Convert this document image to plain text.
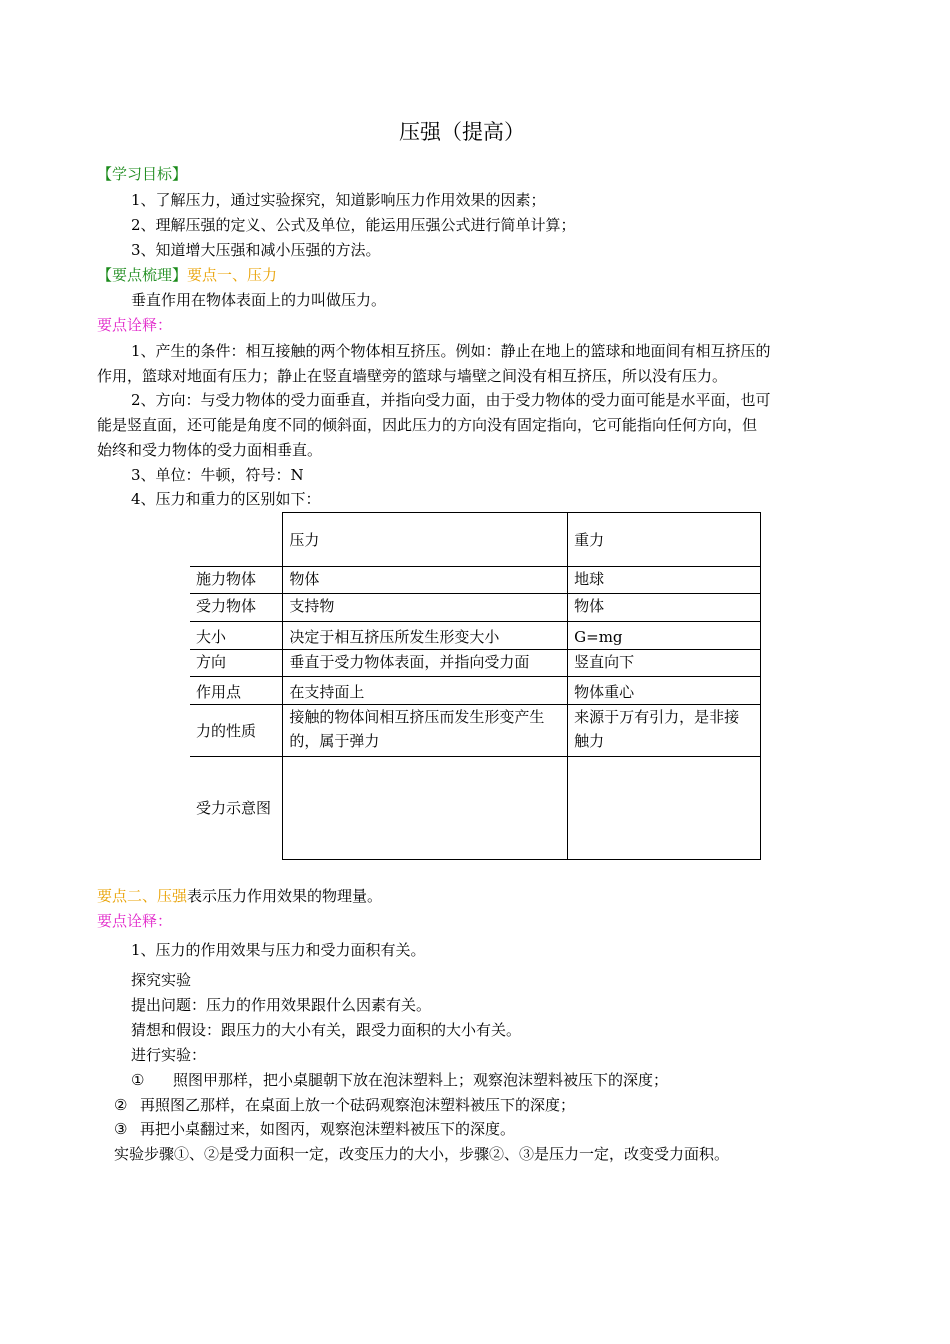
压强（提高）
【学习目标】
1、了解压力，通过实验探究，知道影响压力作用效果的因素；
2、理解压强的定义、公式及单位，能运用压强公式进行简单计算；
3、知道增大压强和减小压强的方法。
【要点梳理】要点一、压力
垂直作用在物体表面上的力叫做压力。
要点诠释：
1、产生的条件：相互接触的两个物体相互挤压。例如：静止在地上的篮球和地面间有相互挤压的
作用，篮球对地面有压力；静止在竖直墙壁旁的篮球与墙壁之间没有相互挤压，所以没有压力。
2、方向：与受力物体的受力面垂直，并指向受力面，由于受力物体的受力面可能是水平面，也可
能是竖直面，还可能是角度不同的倾斜面，因此压力的方向没有固定指向，它可能指向任何方向，但
始终和受力物体的受力面相垂直。
3、单位：牛顿，符号：N
4、压力和重力的区别如下：
	压力	重力
施力物体	物体	地球
受力物体	支持物	物体
大小	决定于相互挤压所发生形变大小	G=mg
方向	垂直于受力物体表面，并指向受力面	竖直向下
作用点	在支持面上	物体重心
力的性质	接触的物体间相互挤压而发生形变产生的，属于弹力	来源于万有引力，是非接触力
受力示意图		
要点二、压强表示压力作用效果的物理量。
要点诠释：
1、压力的作用效果与压力和受力面积有关。
探究实验
提出问题：压力的作用效果跟什么因素有关。
猜想和假设：跟压力的大小有关，跟受力面积的大小有关。
进行实验：
① 照图甲那样，把小桌腿朝下放在泡沫塑料上；观察泡沫塑料被压下的深度；
② 再照图乙那样，在桌面上放一个砝码观察泡沫塑料被压下的深度；
③ 再把小桌翻过来，如图丙，观察泡沫塑料被压下的深度。
实验步骤①、②是受力面积一定，改变压力的大小，步骤②、③是压力一定，改变受力面积。
